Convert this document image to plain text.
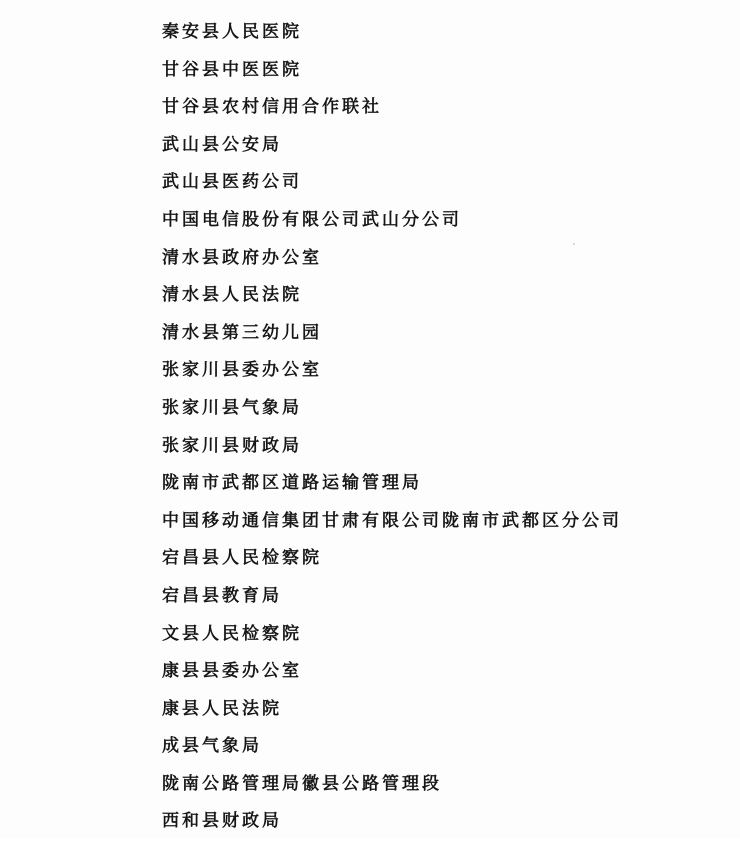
秦安县人民医院
甘谷县中医医院
甘谷县农村信用合作联社
武山县公安局
武山县医药公司
中国电信股份有限公司武山分公司
清水县政府办公室
清水县人民法院
清水县第三幼儿园
张家川县委办公室
张家川县气象局
张家川县财政局
陇南市武都区道路运输管理局
中国移动通信集团甘肃有限公司陇南市武都区分公司
宕昌县人民检察院
宕昌县教育局
文县人民检察院
康县县委办公室
康县人民法院
成县气象局
陇南公路管理局徽县公路管理段
西和县财政局
